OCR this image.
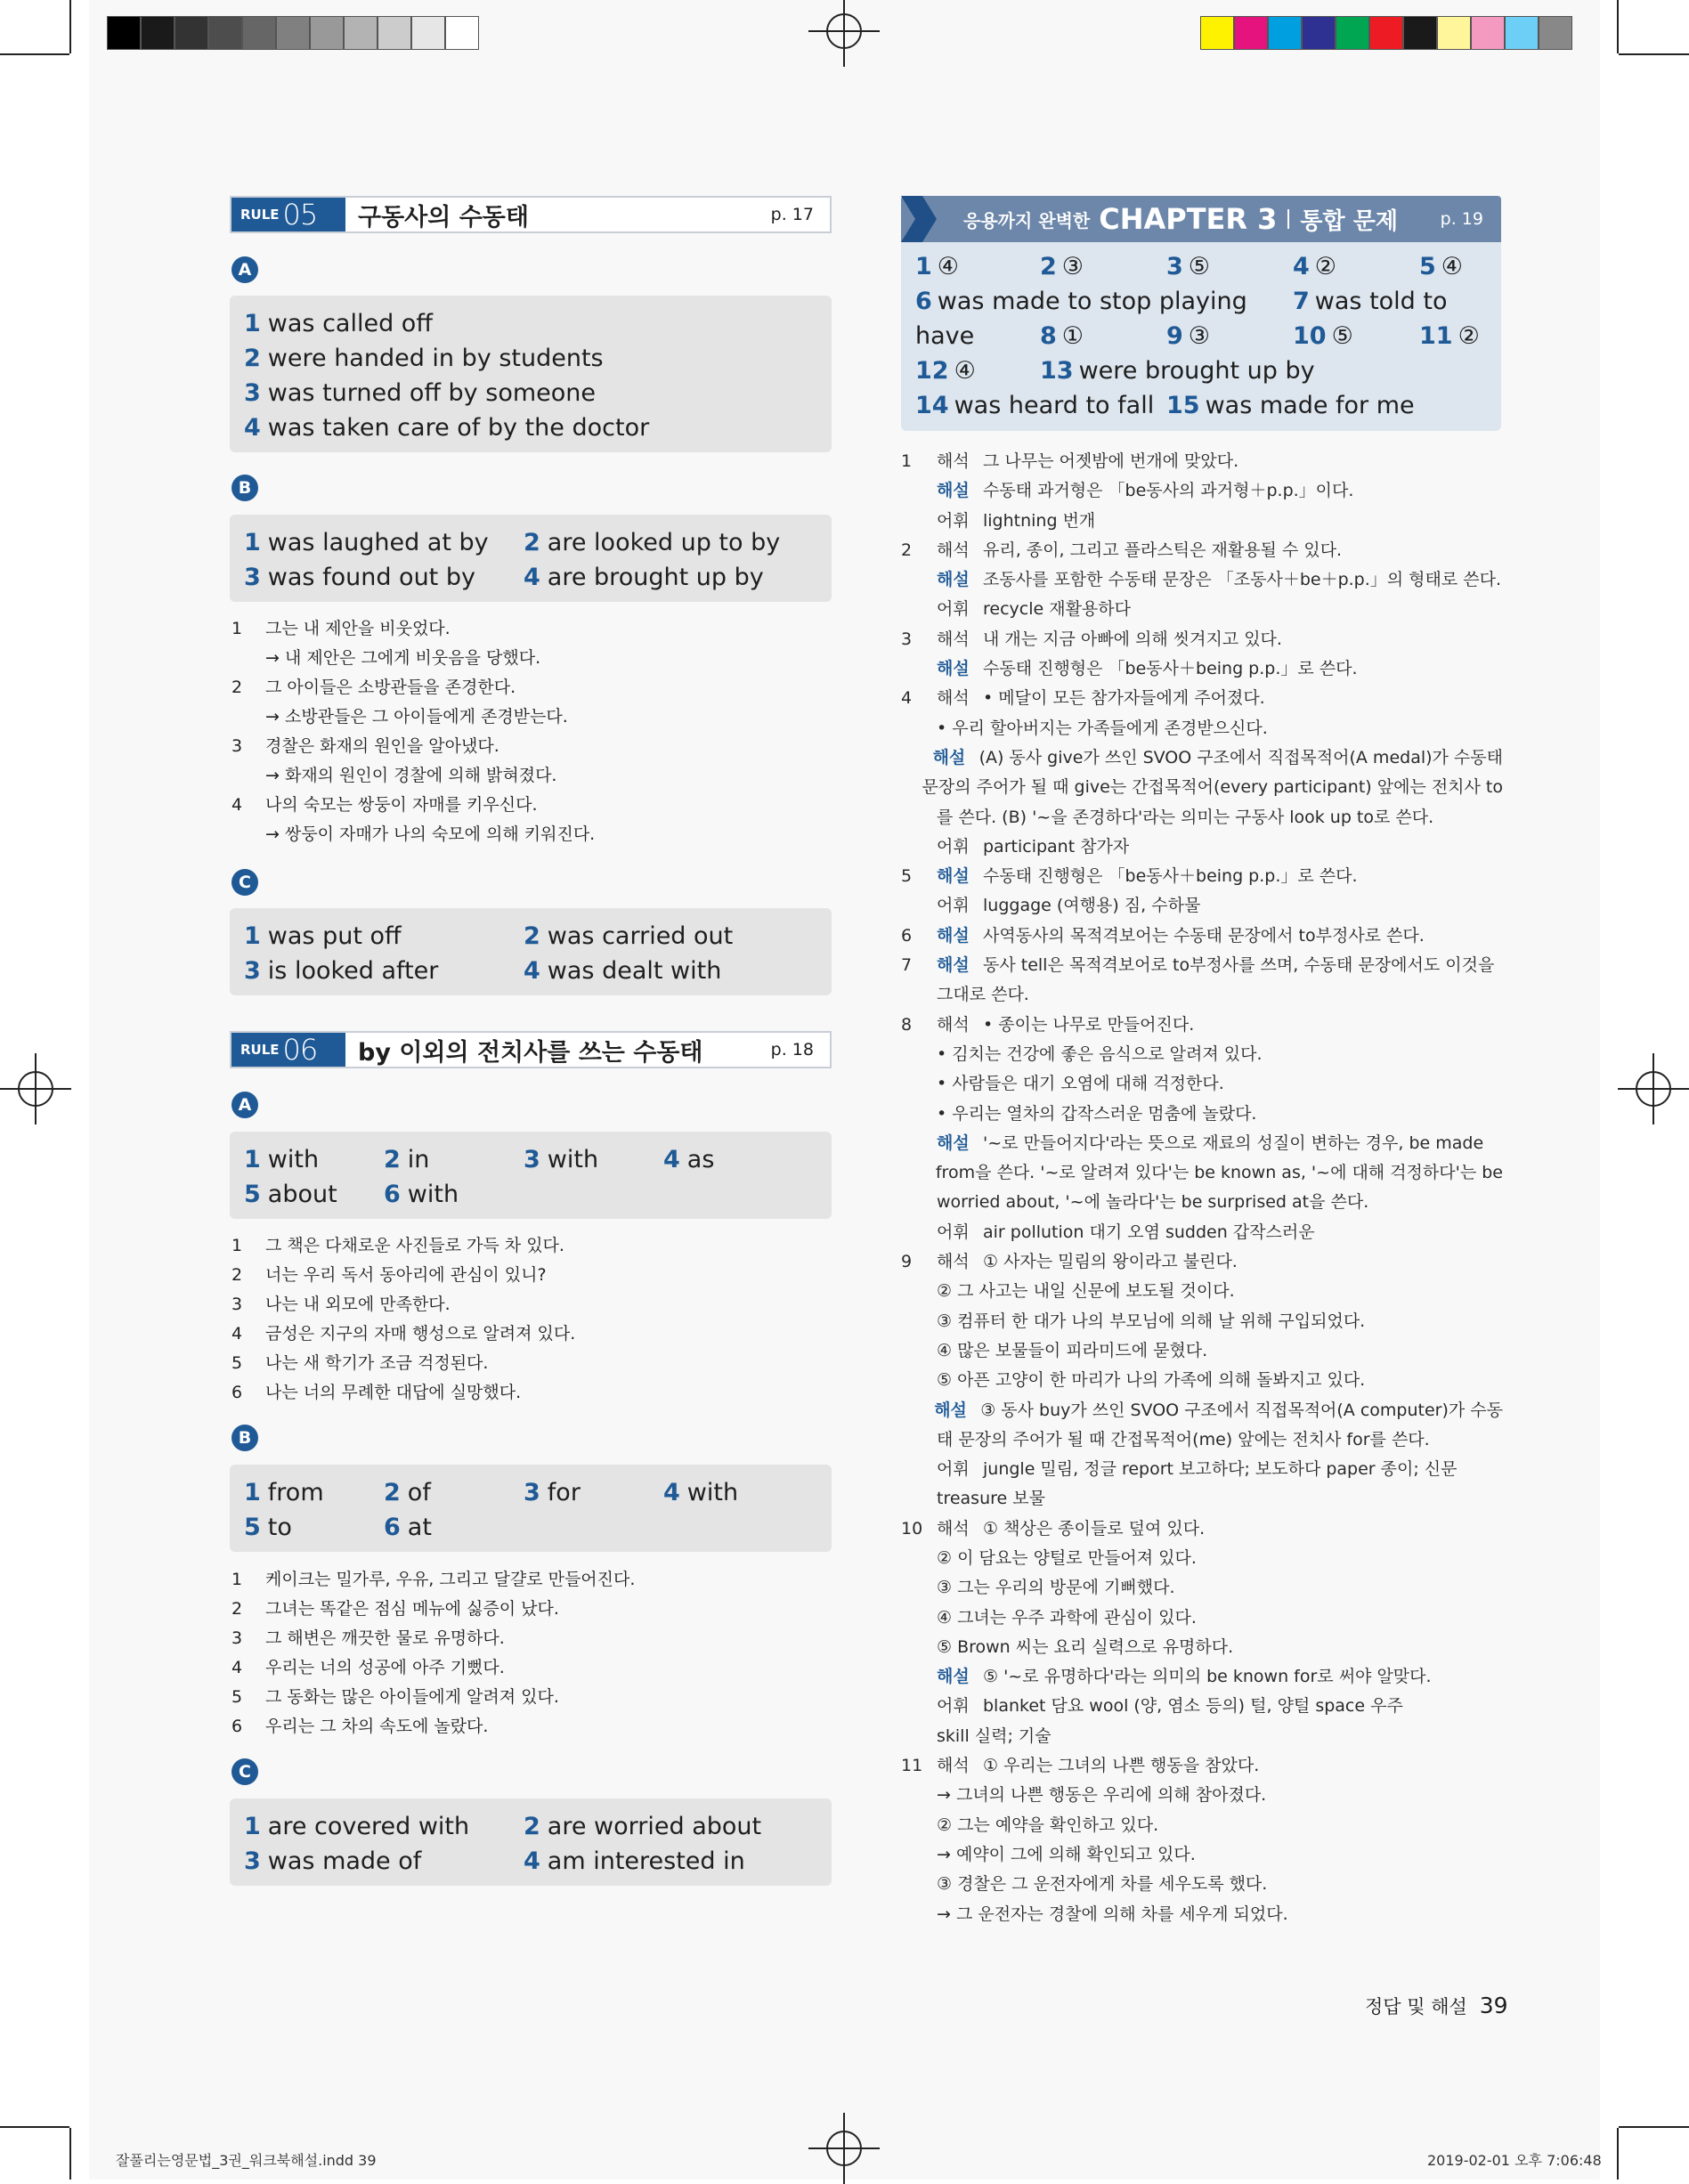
RULE 05 구동사의 수동태	p. 17
A
1 was called off
2 were handed in by students
3 was turned off by someone
4 was taken care of by the doctor
B
1 was laughed at by 2 are looked up to by
3 was found out by 4 are brought up by
1	그는 내 제안을 비웃었다.
→ 내 제안은 그에게 비웃음을 당했다.
2	그 아이들은 소방관들을 존경한다.
→ 소방관들은 그 아이들에게 존경받는다.
3	경찰은 화재의 원인을 알아냈다.
→ 화재의 원인이 경찰에 의해 밝혀졌다.
4	나의 숙모는 쌍둥이 자매를 키우신다.
→ 쌍둥이 자매가 나의 숙모에 의해 키워진다.
C
1 was put off	2 was carried out
3 is looked after	4 was dealt with
RULE 06 by 이외의 전치사를 쓰는 수동태	p. 18
A
1 with	2 in	3 with	4 as
5 about 6 with
1	그 책은 다채로운 사진들로 가득 차 있다.
2	너는 우리 독서 동아리에 관심이 있니?
3	나는 내 외모에 만족한다.
4	금성은 지구의 자매 행성으로 알려져 있다.
5	나는 새 학기가 조금 걱정된다.
6	나는 너의 무례한 대답에 실망했다.
B
1 from 2 of	3 for	4 with
5 to	6 at
1	케이크는 밀가루, 우유, 그리고 달걀로 만들어진다.
2	그녀는 똑같은 점심 메뉴에 싫증이 났다.
3	그 해변은 깨끗한 물로 유명하다.
4	우리는 너의 성공에 아주 기뻤다.
5	그 동화는 많은 아이들에게 알려져 있다.
6	우리는 그 차의 속도에 놀랐다.
C
1 are covered with 2 are worried about
3 was made of	4 am interested in
응용까지 완벽한 CHAPTER 3 통합 문제	p. 19
1 ④	2 ③	3 ⑤	4 ②	5 ④
6 was made to stop playing 7 was told to
have	8 ①	9 ③	10 ⑤	11 ②
12 ④	13 were brought up by
14 was heard to fall 15 was made for me
1	해석 그 나무는 어젯밤에 번개에 맞았다.
해설 수동태 과거형은 「be동사의 과거형＋p.p.」이다.
어휘 lightning 번개
2	해석 유리, 종이, 그리고 플라스틱은 재활용될 수 있다.
해설 조동사를 포함한 수동태 문장은 「조동사＋be＋p.p.」의 형태로 쓴다.
어휘 recycle 재활용하다
3	해석 내 개는 지금 아빠에 의해 씻겨지고 있다.
해설 수동태 진행형은 「be동사＋being p.p.」로 쓴다.
4	해석 • 메달이 모든 참가자들에게 주어졌다.
• 우리 할아버지는 가족들에게 존경받으신다.
해설 (A) 동사 give가 쓰인 SVOO 구조에서 직접목적어(A medal)가 수동태
문장의 주어가 될 때 give는 간접목적어(every participant) 앞에는 전치사 to
를 쓴다. (B) '~을 존경하다'라는 의미는 구동사 look up to로 쓴다.
어휘 participant 참가자
5	해설 수동태 진행형은 「be동사＋being p.p.」로 쓴다.
어휘 luggage (여행용) 짐, 수하물
6	해설 사역동사의 목적격보어는 수동태 문장에서 to부정사로 쓴다.
7	해설 동사 tell은 목적격보어로 to부정사를 쓰며, 수동태 문장에서도 이것을
그대로 쓴다.
8	해석 • 종이는 나무로 만들어진다.
• 김치는 건강에 좋은 음식으로 알려져 있다.
• 사람들은 대기 오염에 대해 걱정한다.
• 우리는 열차의 갑작스러운 멈춤에 놀랐다.
해설 '~로 만들어지다'라는 뜻으로 재료의 성질이 변하는 경우, be made
from을 쓴다. '~로 알려져 있다'는 be known as, '~에 대해 걱정하다'는 be
worried about, '~에 놀라다'는 be surprised at을 쓴다.
어휘 air pollution 대기 오염 sudden 갑작스러운
9	해석 ① 사자는 밀림의 왕이라고 불린다.
② 그 사고는 내일 신문에 보도될 것이다.
③ 컴퓨터 한 대가 나의 부모님에 의해 날 위해 구입되었다.
④ 많은 보물들이 피라미드에 묻혔다.
⑤ 아픈 고양이 한 마리가 나의 가족에 의해 돌봐지고 있다.
해설 ③ 동사 buy가 쓰인 SVOO 구조에서 직접목적어(A computer)가 수동
태 문장의 주어가 될 때 간접목적어(me) 앞에는 전치사 for를 쓴다.
어휘 jungle 밀림, 정글 report 보고하다; 보도하다 paper 종이; 신문
treasure 보물
10 해석 ① 책상은 종이들로 덮여 있다.
② 이 담요는 양털로 만들어져 있다.
③ 그는 우리의 방문에 기뻐했다.
④ 그녀는 우주 과학에 관심이 있다.
⑤ Brown 씨는 요리 실력으로 유명하다.
해설 ⑤ '~로 유명하다'라는 의미의 be known for로 써야 알맞다.
어휘 blanket 담요 wool (양, 염소 등의) 털, 양털 space 우주
skill 실력; 기술
11 해석 ① 우리는 그녀의 나쁜 행동을 참았다.
→ 그녀의 나쁜 행동은 우리에 의해 참아졌다.
② 그는 예약을 확인하고 있다.
→ 예약이 그에 의해 확인되고 있다.
③ 경찰은 그 운전자에게 차를 세우도록 했다.
→ 그 운전자는 경찰에 의해 차를 세우게 되었다.
정답 및 해설 39
잘풀리는영문법_3권_워크북해설.indd 39	2019-02-01 오후 7:06:48
